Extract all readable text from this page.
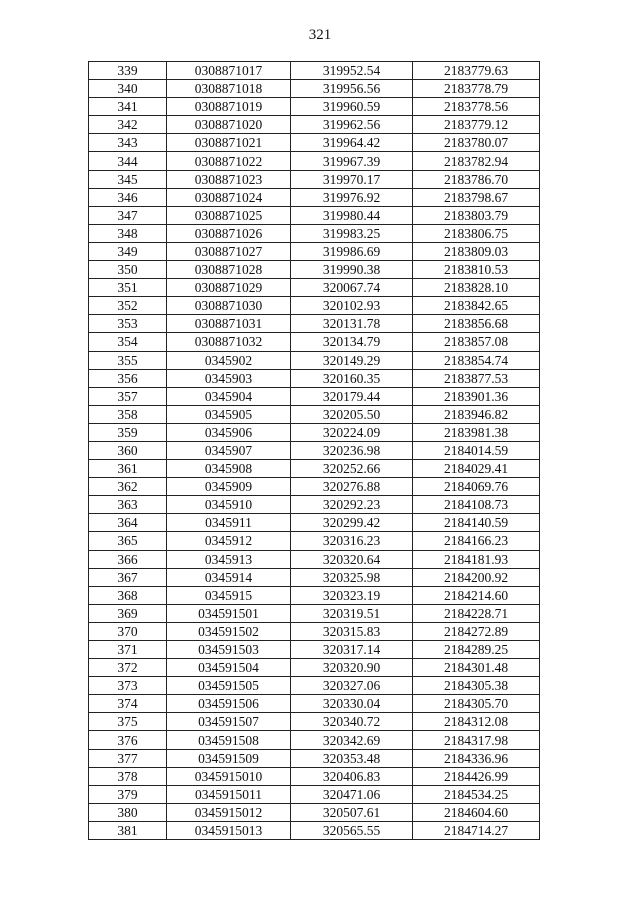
321
339	0308871017	319952.54	2183779.63
340	0308871018	319956.56	2183778.79
341	0308871019	319960.59	2183778.56
342	0308871020	319962.56	2183779.12
343	0308871021	319964.42	2183780.07
344	0308871022	319967.39	2183782.94
345	0308871023	319970.17	2183786.70
346	0308871024	319976.92	2183798.67
347	0308871025	319980.44	2183803.79
348	0308871026	319983.25	2183806.75
349	0308871027	319986.69	2183809.03
350	0308871028	319990.38	2183810.53
351	0308871029	320067.74	2183828.10
352	0308871030	320102.93	2183842.65
353	0308871031	320131.78	2183856.68
354	0308871032	320134.79	2183857.08
355	0345902	320149.29	2183854.74
356	0345903	320160.35	2183877.53
357	0345904	320179.44	2183901.36
358	0345905	320205.50	2183946.82
359	0345906	320224.09	2183981.38
360	0345907	320236.98	2184014.59
361	0345908	320252.66	2184029.41
362	0345909	320276.88	2184069.76
363	0345910	320292.23	2184108.73
364	0345911	320299.42	2184140.59
365	0345912	320316.23	2184166.23
366	0345913	320320.64	2184181.93
367	0345914	320325.98	2184200.92
368	0345915	320323.19	2184214.60
369	034591501	320319.51	2184228.71
370	034591502	320315.83	2184272.89
371	034591503	320317.14	2184289.25
372	034591504	320320.90	2184301.48
373	034591505	320327.06	2184305.38
374	034591506	320330.04	2184305.70
375	034591507	320340.72	2184312.08
376	034591508	320342.69	2184317.98
377	034591509	320353.48	2184336.96
378	0345915010	320406.83	2184426.99
379	0345915011	320471.06	2184534.25
380	0345915012	320507.61	2184604.60
381	0345915013	320565.55	2184714.27
